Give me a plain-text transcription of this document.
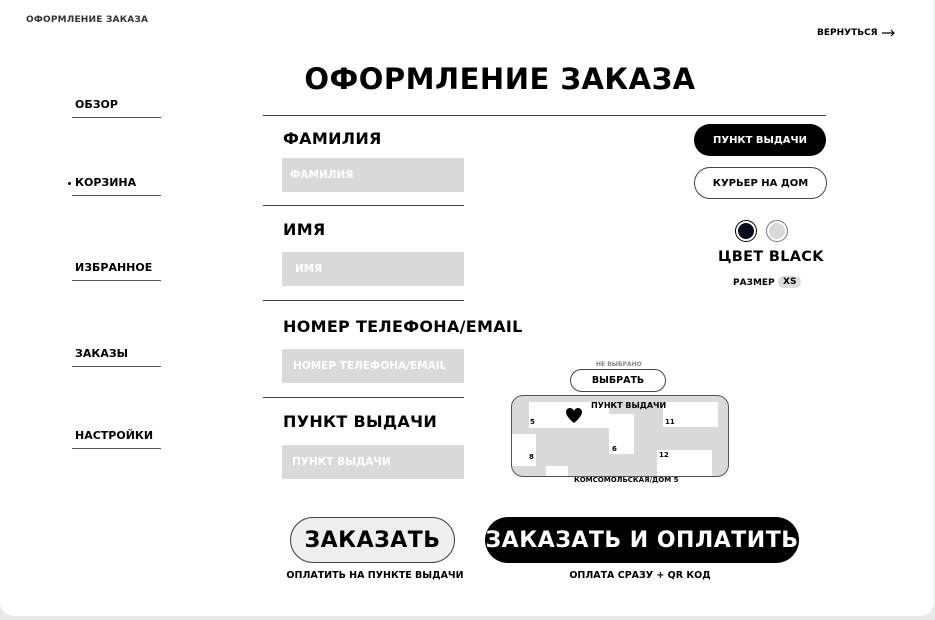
ОФОРМЛЕНИЕ ЗАКАЗА
ВЕРНУТЬСЯ
ОФОРМЛЕНИЕ ЗАКАЗА
ОБЗОР
КОРЗИНА
ИЗБРАННОЕ
ЗАКАЗЫ
НАСТРОЙКИ
ФАМИЛИЯ
ФАМИЛИЯ
ИМЯ
ИМЯ
НОМЕР ТЕЛЕФОНА/EMAIL
НОМЕР ТЕЛЕФОНА/EMAIL
ПУНКТ ВЫДАЧИ
ПУНКТ ВЫДАЧИ
ПУНКТ ВЫДАЧИ
КУРЬЕР НА ДОМ
ЦВЕТ BLACK
РАЗМЕР XS
НЕ ВЫБРАНО
ВЫБРАТЬ
ПУНКТ ВЫДАЧИ
5
8
6
11
12
КОМСОМОЛЬСКАЯ/ДОМ 5
ЗАКАЗАТЬ
ОПЛАТИТЬ НА ПУНКТЕ ВЫДАЧИ
ЗАКАЗАТЬ И ОПЛАТИТЬ
ОПЛАТА СРАЗУ + QR КОД
